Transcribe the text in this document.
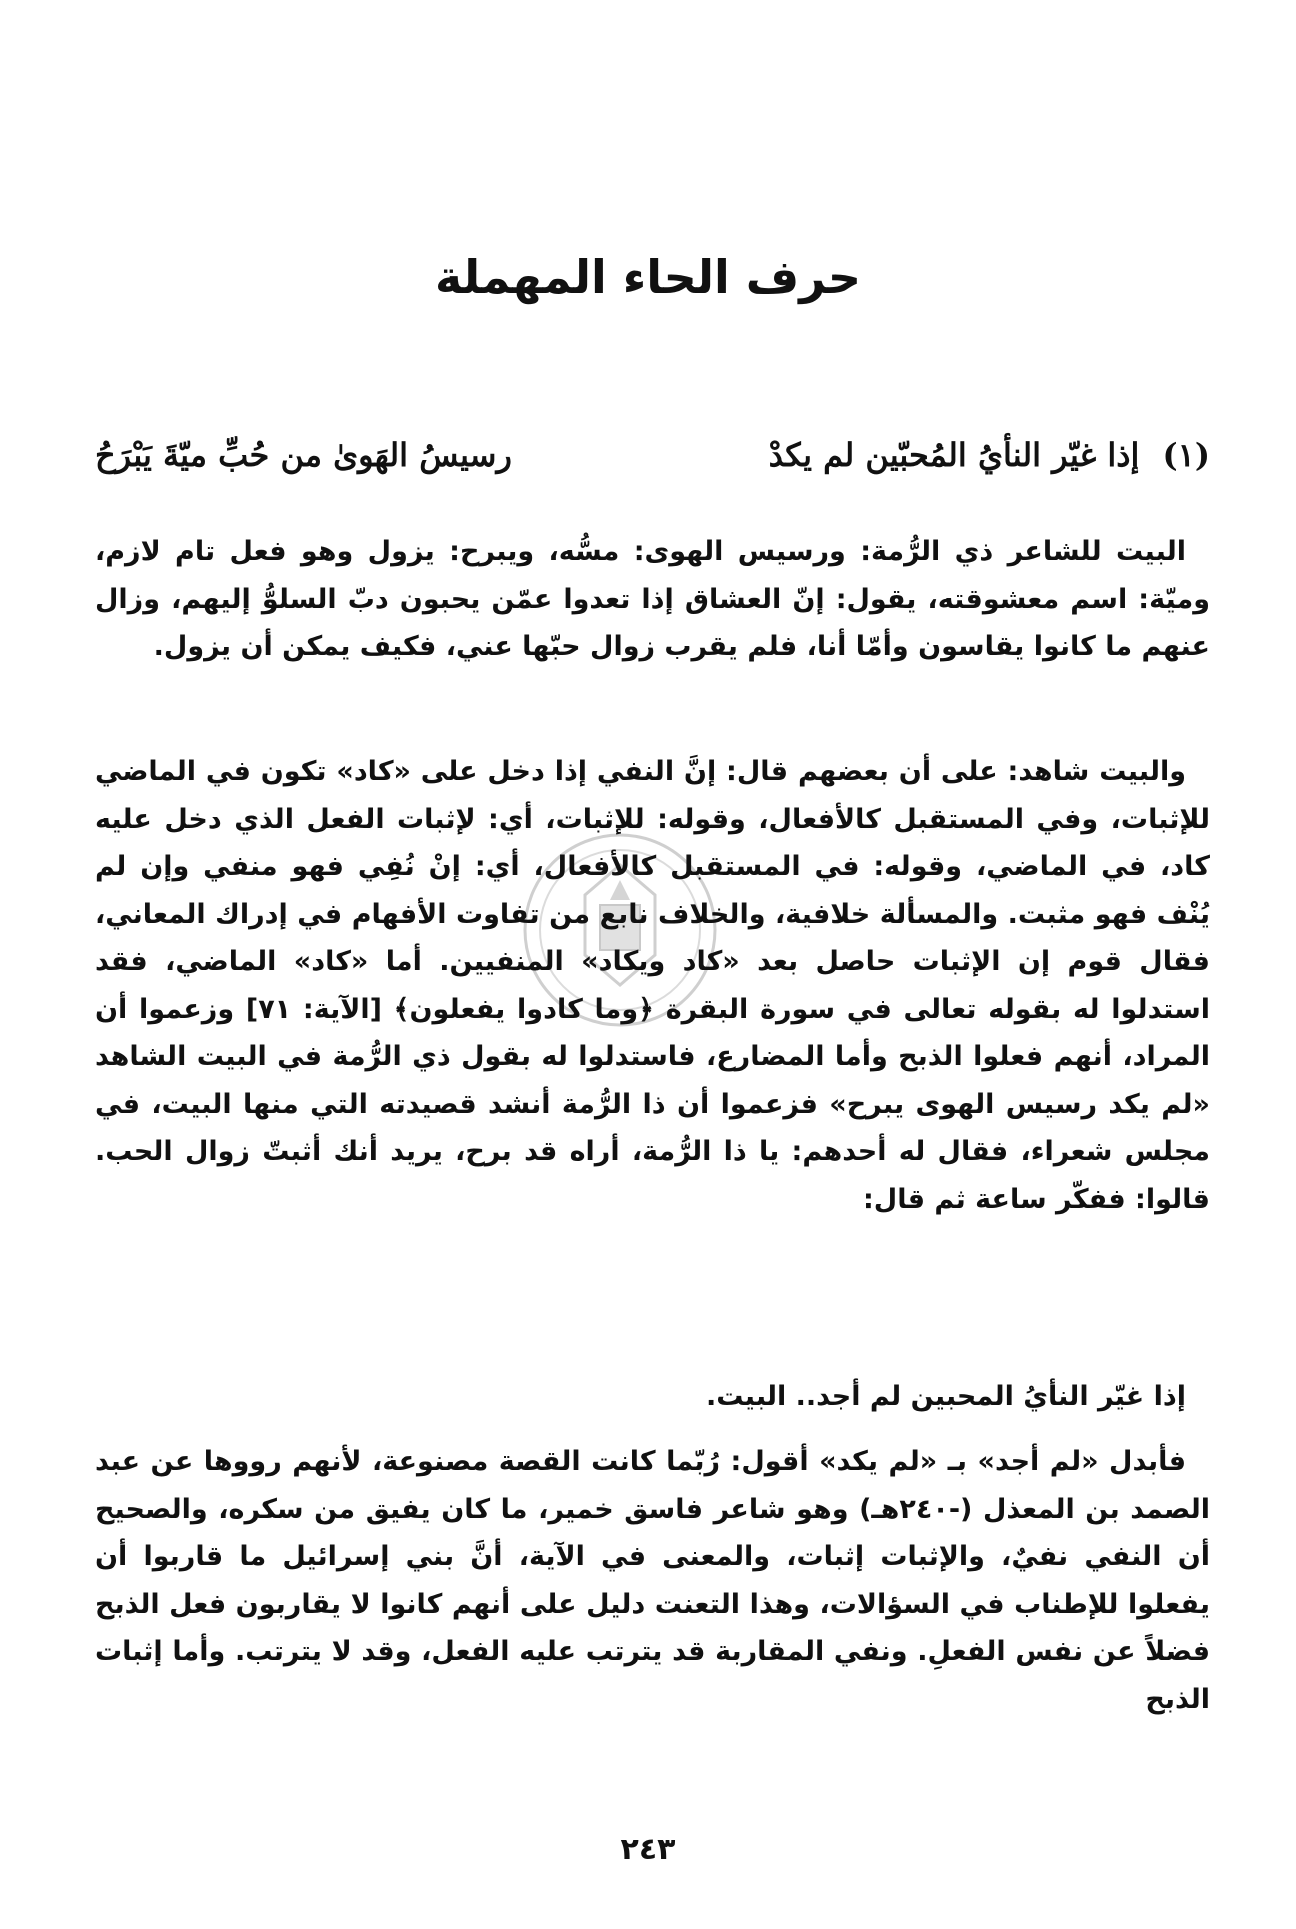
حرف الحاء المهملة
(١) إذا غيّر النأيُ المُحبّين لم يكدْ
رسيسُ الهَوىٰ من حُبِّ ميّةَ يَبْرَحُ
البيت للشاعر ذي الرُّمة: ورسيس الهوى: مسُّه، ويبرح: يزول وهو فعل تام لازم، وميّة: اسم معشوقته، يقول: إنّ العشاق إذا تعدوا عمّن يحبون دبّ السلوُّ إليهم، وزال عنهم ما كانوا يقاسون وأمّا أنا، فلم يقرب زوال حبّها عني، فكيف يمكن أن يزول.
والبيت شاهد: على أن بعضهم قال: إنَّ النفي إذا دخل على «كاد» تكون في الماضي للإثبات، وفي المستقبل كالأفعال، وقوله: للإثبات، أي: لإثبات الفعل الذي دخل عليه كاد، في الماضي، وقوله: في المستقبل كالأفعال، أي: إنْ نُفِي فهو منفي وإن لم يُنْف فهو مثبت. والمسألة خلافية، والخلاف نابع من تفاوت الأفهام في إدراك المعاني، فقال قوم إن الإثبات حاصل بعد «كاد ويكاد» المنفيين. أما «كاد» الماضي، فقد استدلوا له بقوله تعالى في سورة البقرة ﴿وما كادوا يفعلون﴾ [الآية: ٧١] وزعموا أن المراد، أنهم فعلوا الذبح وأما المضارع، فاستدلوا له بقول ذي الرُّمة في البيت الشاهد «لم يكد رسيس الهوى يبرح» فزعموا أن ذا الرُّمة أنشد قصيدته التي منها البيت، في مجلس شعراء، فقال له أحدهم: يا ذا الرُّمة، أراه قد برح، يريد أنك أثبتّ زوال الحب. قالوا: ففكّر ساعة ثم قال:
إذا غيّر النأيُ المحبين لم أجد.. البيت.
فأبدل «لم أجد» بـ «لم يكد» أقول: رُبّما كانت القصة مصنوعة، لأنهم رووها عن عبد الصمد بن المعذل (-٢٤٠هـ) وهو شاعر فاسق خمير، ما كان يفيق من سكره، والصحيح أن النفي نفيٌ، والإثبات إثبات، والمعنى في الآية، أنَّ بني إسرائيل ما قاربوا أن يفعلوا للإطناب في السؤالات، وهذا التعنت دليل على أنهم كانوا لا يقاربون فعل الذبح فضلاً عن نفس الفعلِ. ونفي المقاربة قد يترتب عليه الفعل، وقد لا يترتب. وأما إثبات الذبح
٢٤٣
